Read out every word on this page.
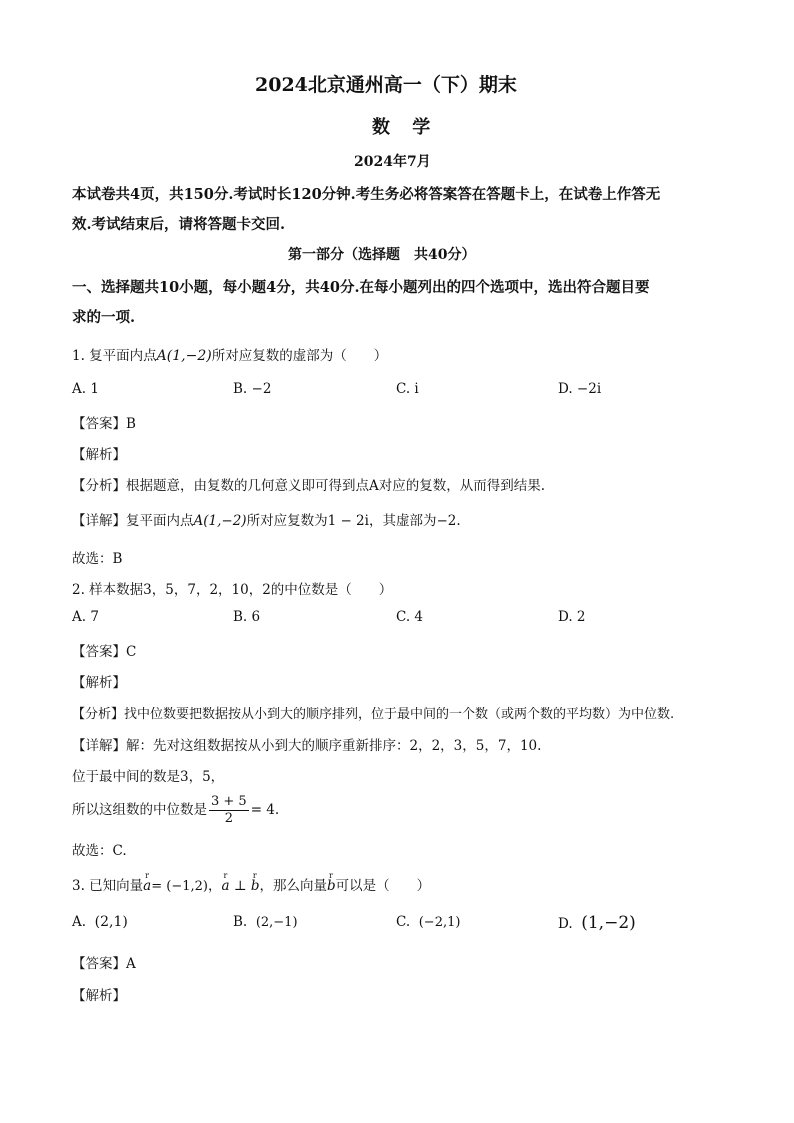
2024北京通州高一（下）期末
数 学
2024年7月
本试卷共4页，共150分.考试时长120分钟.考生务必将答案答在答题卡上，在试卷上作答无
效.考试结束后，请将答题卡交回.
第一部分（选择题　共40分）
一、选择题共10小题，每小题4分，共40分.在每小题列出的四个选项中，选出符合题目要
求的一项.
1. 复平面内点A(1,−2)所对应复数的虚部为（　　）
A. 1	B. −2	C. i	D. −2i
【答案】B
【解析】
【分析】根据题意，由复数的几何意义即可得到点A对应的复数，从而得到结果.
【详解】复平面内点A(1,−2)所对应复数为1 − 2i，其虚部为−2.
故选：B
2. 样本数据3，5，7，2，10，2的中位数是（　　）
A. 7	B. 6	C. 4	D. 2
【答案】C
【解析】
【分析】找中位数要把数据按从小到大的顺序排列，位于最中间的一个数（或两个数的平均数）为中位数.
【详解】解：先对这组数据按从小到大的顺序重新排序：2，2，3，5，7，10.
位于最中间的数是3，5，
所以这组数的中位数是 $\frac{3 + 5}{2} = 4$.
故选：C.
3. 已知向量
r
a= (−1,2)，
r
a ⊥
r
b，那么向量
r
b可以是（　　）
A. (2,1)	B. (2,−1)	C. (−2,1)	D. (1,−2)
【答案】A
【解析】
